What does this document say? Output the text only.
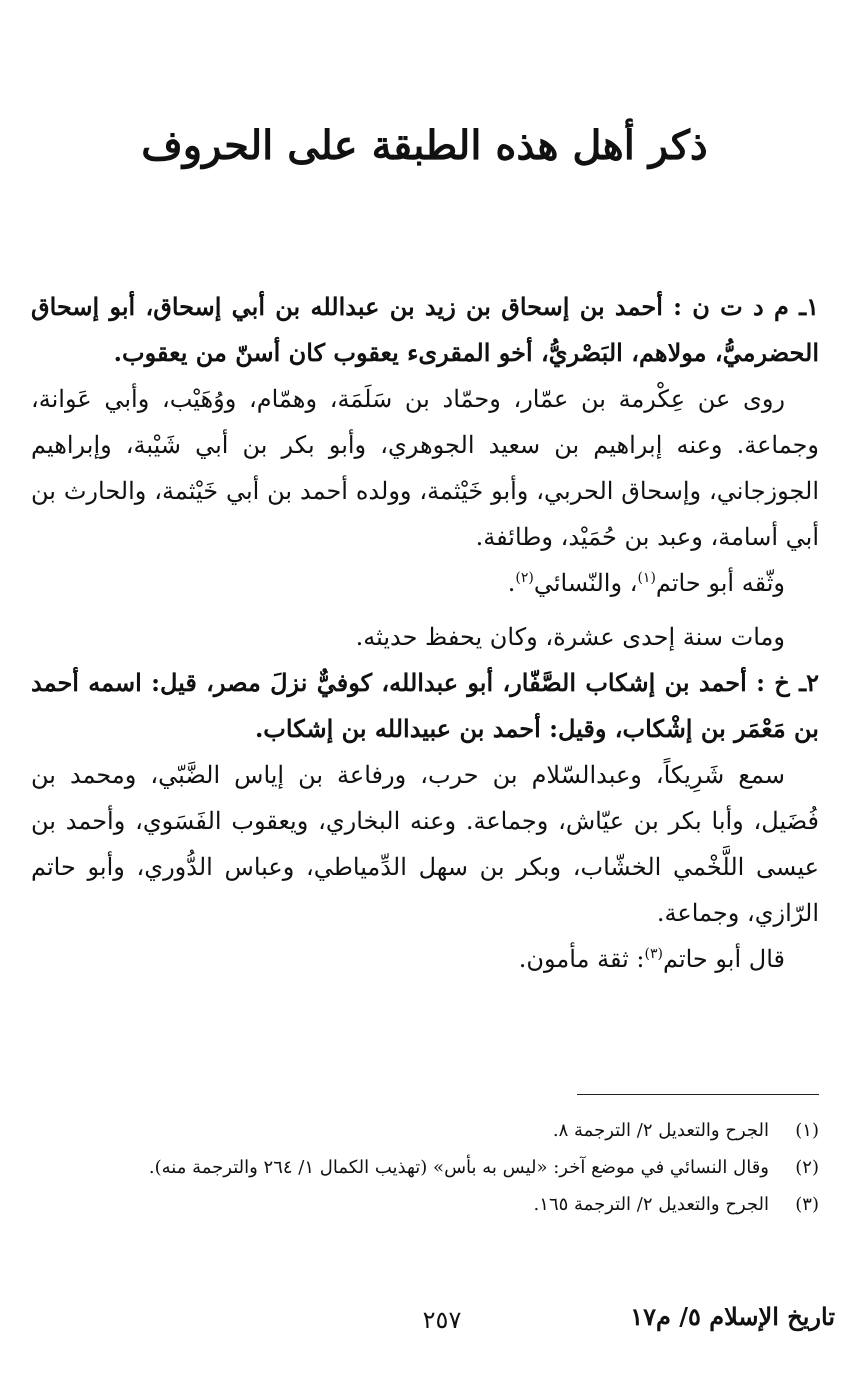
ذكر أهل هذه الطبقة على الحروف

١ـ م د ت ن : أحمد بن إسحاق بن زيد بن عبدالله بن أبي إسحاق، أبو إسحاق الحضرميُّ، مولاهم، البَصْريُّ، أخو المقرىء يعقوب كان أسنّ من يعقوب.

روى عن عِكْرمة بن عمّار، وحمّاد بن سَلَمَة، وهمّام، ووُهَيْب، وأبي عَوانة، وجماعة. وعنه إبراهيم بن سعيد الجوهري، وأبو بكر بن أبي شَيْبة، وإبراهيم الجوزجاني، وإسحاق الحربي، وأبو خَيْثمة، وولده أحمد بن أبي خَيْثمة، والحارث بن أبي أسامة، وعبد بن حُمَيْد، وطائفة.

وثّقه أبو حاتم$^{(١)}$، والنّسائي$^{(٢)}$.

ومات سنة إحدى عشرة، وكان يحفظ حديثه.

٢ـ خ : أحمد بن إشكاب الصَّفّار، أبو عبدالله، كوفيٌّ نزلَ مصر، قيل: اسمه أحمد بن مَعْمَر بن إشْكاب، وقيل: أحمد بن عبيدالله بن إشكاب.

سمع شَرِيكاً، وعبدالسّلام بن حرب، ورفاعة بن إياس الضَّبّي، ومحمد بن فُضَيل، وأبا بكر بن عيّاش، وجماعة. وعنه البخاري، ويعقوب الفَسَوي، وأحمد بن عيسى اللَّخْمي الخشّاب، وبكر بن سهل الدِّمياطي، وعباس الدُّوري، وأبو حاتم الرّازي، وجماعة.

قال أبو حاتم$^{(٣)}$: ثقة مأمون.

(١)
الجرح والتعديل ٢/ الترجمة ٨.
(٢)
وقال النسائي في موضع آخر: «ليس به بأس» (تهذيب الكمال ١/ ٢٦٤ والترجمة منه).
(٣)
الجرح والتعديل ٢/ الترجمة ١٦٥.
تاريخ الإسلام ٥/ م١٧
٢٥٧
